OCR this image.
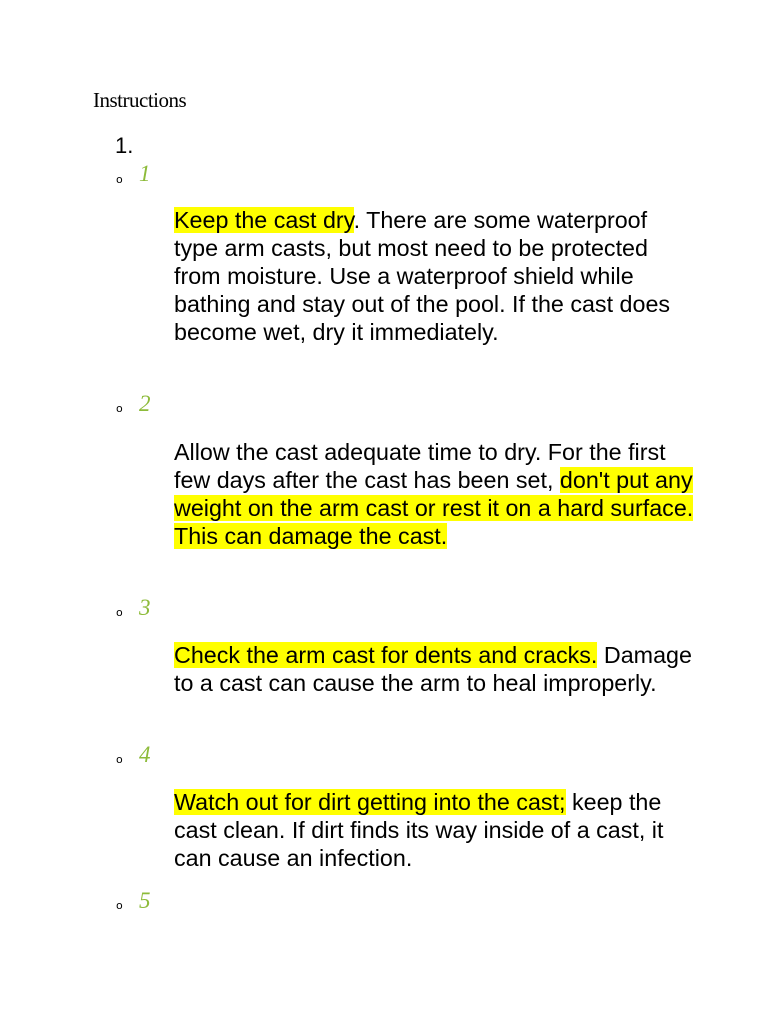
Instructions
1.
o 1

Keep the cast dry. There are some waterproof type arm casts, but most need to be protected from moisture. Use a waterproof shield while bathing and stay out of the pool. If the cast does become wet, dry it immediately.

o 2

Allow the cast adequate time to dry. For the first few days after the cast has been set, don't put any weight on the arm cast or rest it on a hard surface. This can damage the cast.

o 3

Check the arm cast for dents and cracks. Damage to a cast can cause the arm to heal improperly.

o 4

Watch out for dirt getting into the cast; keep the cast clean. If dirt finds its way inside of a cast, it can cause an infection.

o 5
